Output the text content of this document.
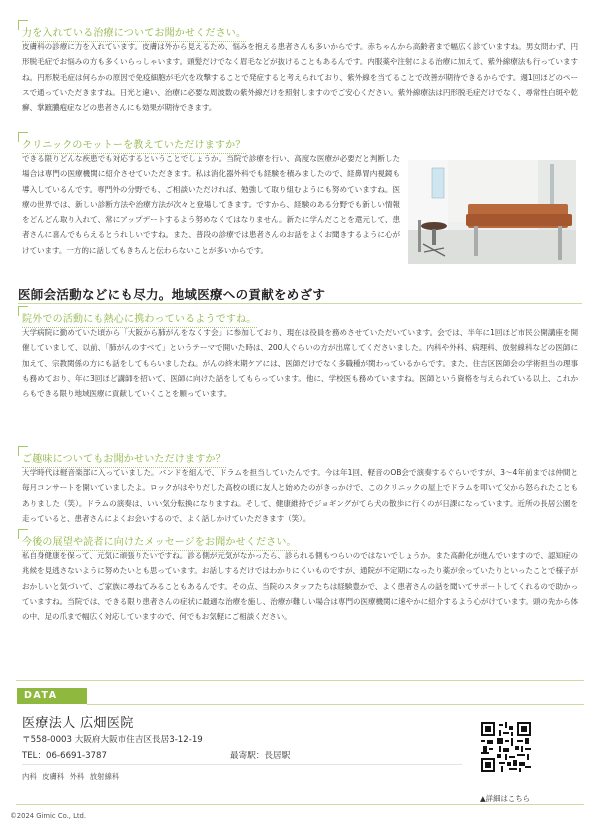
力を入れている治療についてお聞かせください。

皮膚科の診療に力を入れています。皮膚は外から見えるため、悩みを抱える患者さんも多いからです。赤ちゃんから高齢者まで幅広く診ていますね。男女問わず、円形脱毛症でお悩みの方も多くいらっしゃいます。頭髪だけでなく眉毛などが抜けることもあるんです。内服薬や注射による治療に加えて、紫外線療法も行っていますね。円形脱毛症は何らかの原因で免疫細胞が毛穴を攻撃することで発症すると考えられており、紫外線を当てることで改善が期待できるからです。週1回ほどのペースで通っていただきますね。日光と違い、治療に必要な周波数の紫外線だけを照射しますのでご安心ください。紫外線療法は円形脱毛症だけでなく、尋常性白斑や乾癬、掌蹠膿疱症などの患者さんにも効果が期待できます。

クリニックのモットーを教えていただけますか？

できる限りどんな疾患でも対応するということでしょうか。当院で診療を行い、高度な医療が必要だと判断した場合は専門の医療機関に紹介させていただきます。私は消化器外科でも経験を積みましたので、経鼻胃内視鏡も導入しているんです。専門外の分野でも、ご相談いただければ、勉強して取り組むようにも努めていますね。医療の世界では、新しい診断方法や治療方法が次々と登場してきます。ですから、経験のある分野でも新しい情報をどんどん取り入れて、常にアップデートするよう努めなくてはなりません。新たに学んだことを還元して、患者さんに喜んでもらえるとうれしいですね。また、普段の診療では患者さんのお話をよくお聞きするように心がけています。一方的に話してもきちんと伝わらないことが多いからです。

医師会活動などにも尽力。地域医療への貢献をめざす
院外での活動にも熱心に携わっているようですね。

大学病院に勤めていた頃から「大阪から肺がんをなくす会」に参加しており、現在は役員を務めさせていただいています。会では、半年に1回ほど市民公開講座を開催していまして、以前、「肺がんのすべて」というテーマで開いた時は、200人ぐらいの方が出席してくださいました。内科や外科、病理科、放射線科などの医師に加えて、宗教関係の方にも話をしてもらいましたね。がんの終末期ケアには、医師だけでなく多職種が関わっているからです。また、住吉区医師会の学術担当の理事も務めており、年に3回ほど講師を招いて、医師に向けた話をしてもらっています。他に、学校医も務めていますね。医師という資格を与えられている以上、これからもできる限り地域医療に貢献していくことを願っています。

ご趣味についてもお聞かせいただけますか？

大学時代は軽音楽部に入っていました。バンドを組んで、ドラムを担当していたんです。今は年1回、軽音のOB会で演奏するぐらいですが、3〜4年前までは仲間と毎月コンサートを開いていましたよ。ロックがはやりだした高校の頃に友人と始めたのがきっかけで、このクリニックの屋上でドラムを叩いて父から怒られたこともありました（笑）。ドラムの演奏は、いい気分転換になりますね。そして、健康維持でジョギングがてら犬の散歩に行くのが日課になっています。近所の長居公園を走っていると、患者さんによくお会いするので、よく話しかけていただきます（笑）。

今後の展望や読者に向けたメッセージをお聞かせください。

私自身健康を保って、元気に頑張りたいですね。診る側が元気がなかったら、診られる側もつらいのではないでしょうか。また高齢化が進んでいますので、認知症の兆候を見逃さないように努めたいとも思っています。お話しするだけではわかりにくいものですが、通院が不定期になったり薬が余っていたりといったことで様子がおかしいと気づいて、ご家族に尋ねてみることもあるんです。その点、当院のスタッフたちは経験豊かで、よく患者さんの話を聞いてサポートしてくれるので助かっていますね。当院では、できる限り患者さんの症状に最適な治療を施し、治療が難しい場合は専門の医療機関に速やかに紹介するよう心がけています。頭の先から体の中、足の爪まで幅広く対応していますので、何でもお気軽にご相談ください。

DATA
医療法人 広畑医院
〒558-0003 大阪府大阪市住吉区長居3-12-19
TEL：06-6691-3787	最寄駅：長居駅
内科 皮膚科 外科 放射線科
▲詳細はこちら
©2024 Gimic Co., Ltd.
